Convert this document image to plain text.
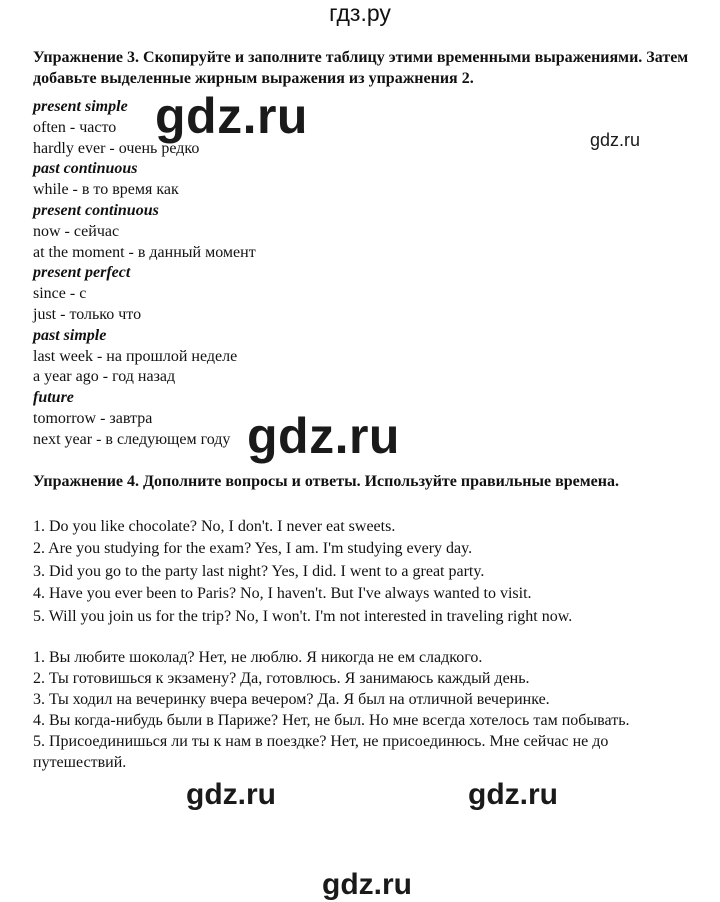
гдз.ру

Упражнение 3. Скопируйте и заполните таблицу этими временными выражениями. Затем добавьте выделенные жирным выражения из упражнения 2.

present simple
often - часто
hardly ever - очень редко
past continuous
while - в то время как
present continuous
now - сейчас
at the moment - в данный момент
present perfect
since - с
just - только что
past simple
last week - на прошлой неделе
a year ago - год назад
future
tomorrow - завтра
next year - в следующем году

Упражнение 4. Дополните вопросы и ответы. Используйте правильные времена.

1. Do you like chocolate? No, I don't. I never eat sweets.
2. Are you studying for the exam? Yes, I am. I'm studying every day.
3. Did you go to the party last night? Yes, I did. I went to a great party.
4. Have you ever been to Paris? No, I haven't. But I've always wanted to visit.
5. Will you join us for the trip? No, I won't. I'm not interested in traveling right now.
1. Вы любите шоколад? Нет, не люблю. Я никогда не ем сладкого.
2. Ты готовишься к экзамену? Да, готовлюсь. Я занимаюсь каждый день.
3. Ты ходил на вечеринку вчера вечером? Да. Я был на отличной вечеринке.
4. Вы когда-нибудь были в Париже? Нет, не был. Но мне всегда хотелось там побывать.
5. Присоединишься ли ты к нам в поездке? Нет, не присоединюсь. Мне сейчас не до путешествий.
gdz.ru	gdz.ru
gdz.ru
gdz.ru	gdz.ru
gdz.ru
